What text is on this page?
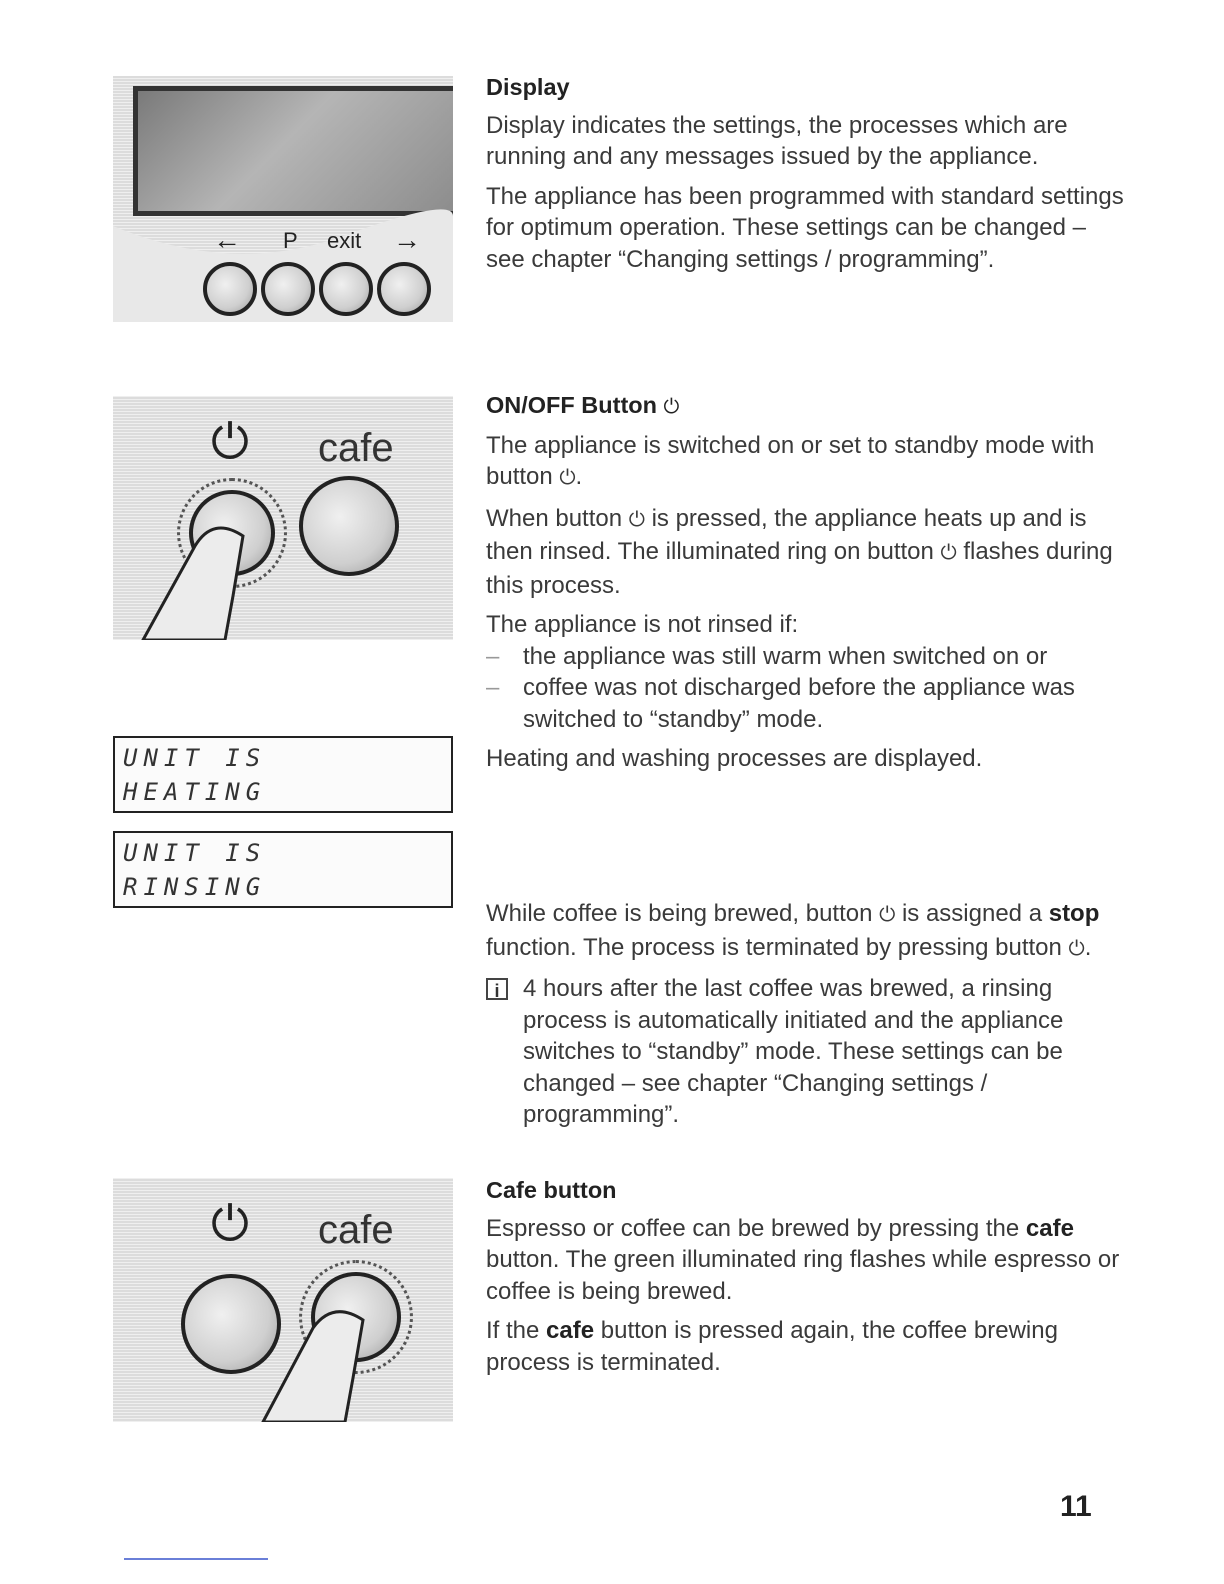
← P exit →
⏻ cafe
UNIT IS
HEATING
UNIT IS
RINSING
⏻ cafe

Display

Display indicates the settings, the processes which are running and any messages issued by the appliance.

The appliance has been programmed with standard settings for optimum operation. These settings can be changed – see chapter “Changing settings / programming”.

ON/OFF Button ⏻

The appliance is switched on or set to standby mode with button ⏻.

When button ⏻ is pressed, the appliance heats up and is then rinsed. The illuminated ring on button ⏻ flashes during this process.

The appliance is not rinsed if:

– the appliance was still warm when switched on or
– coffee was not discharged before the appliance was switched to “standby” mode.

Heating and washing processes are displayed.

While coffee is being brewed, button ⏻ is assigned a stop function. The process is terminated by pressing button ⏻.

i 4 hours after the last coffee was brewed, a rinsing process is automatically initiated and the appliance switches to “standby” mode. These settings can be changed – see chapter “Changing settings / programming”.

Cafe button

Espresso or coffee can be brewed by pressing the cafe button. The green illuminated ring flashes while espresso or coffee is being brewed.

If the cafe button is pressed again, the coffee brewing process is terminated.

11
